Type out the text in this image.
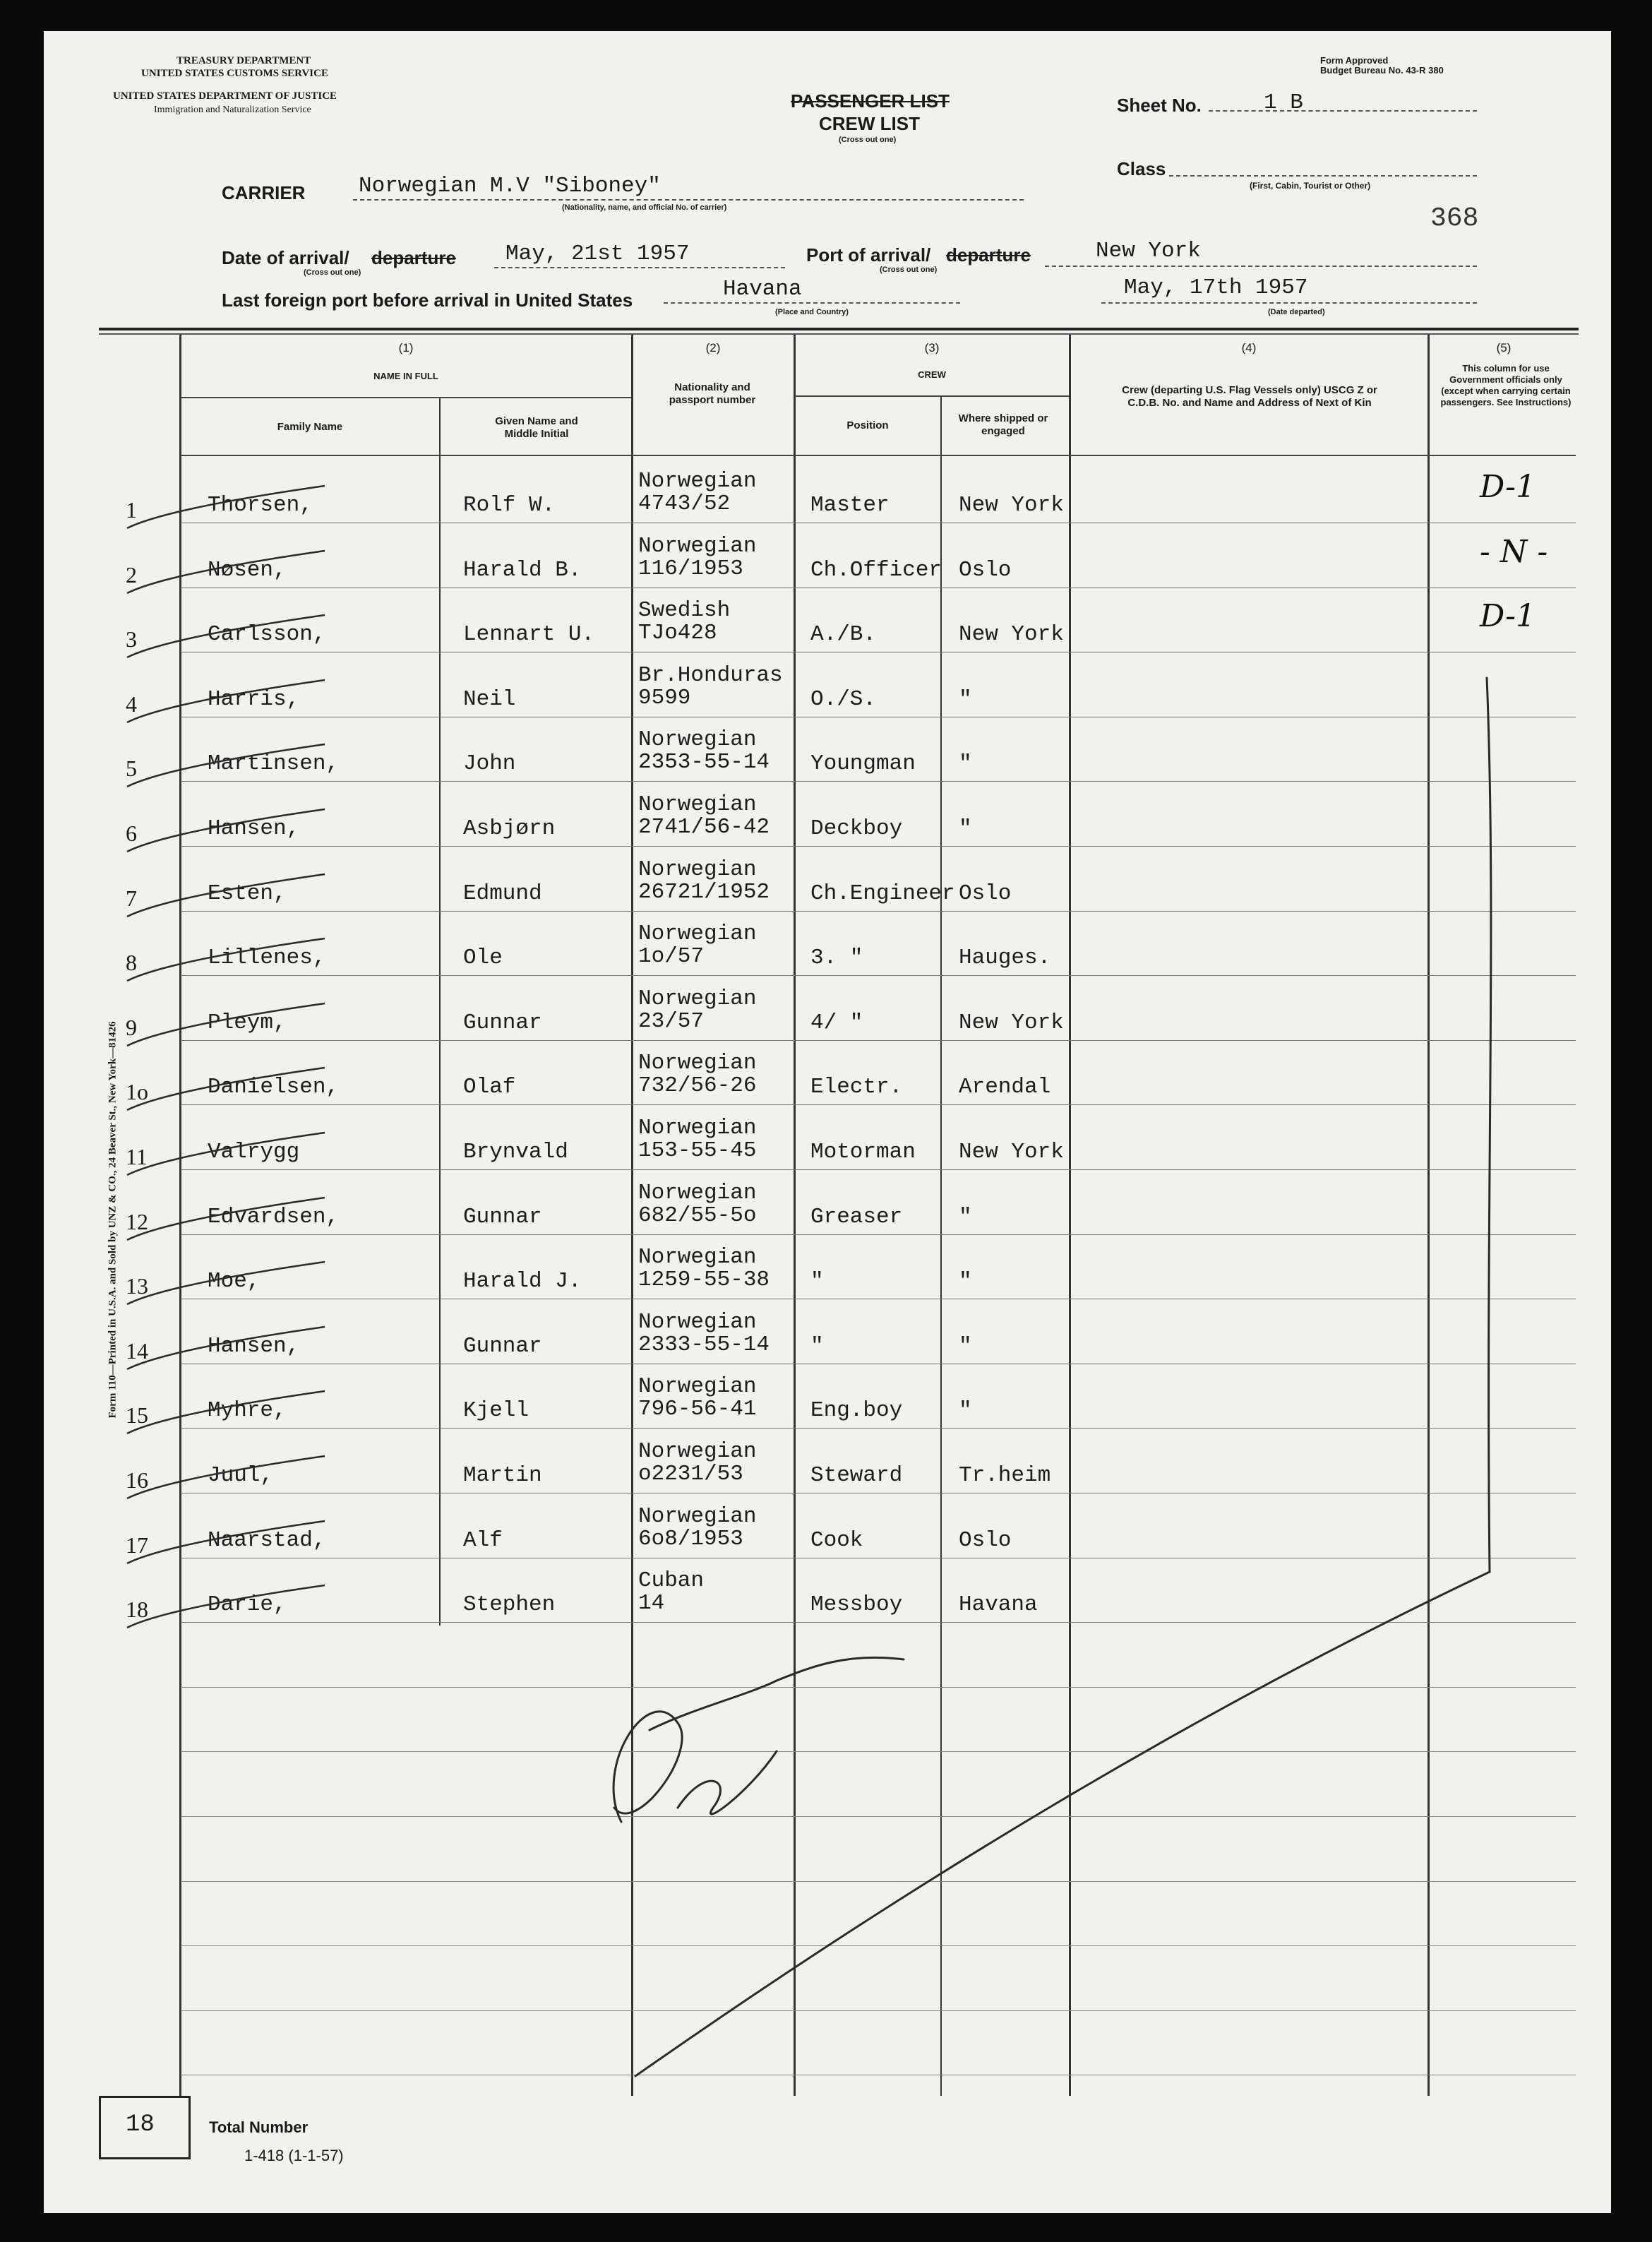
TREASURY DEPARTMENT
UNITED STATES CUSTOMS SERVICE
UNITED STATES DEPARTMENT OF JUSTICE
Immigration and Naturalization Service	PASSENGER LIST
CREW LIST
(Cross out one)
Form Approved
Budget Bureau No. 43-R 380
Sheet No.	1 B
Class
(First, Cabin, Tourist or Other)
368
CARRIER Norwegian M.V "Siboney"
(Nationality, name, and official No. of carrier)
Date of arrival/ departure
(Cross out one)
May, 21st 1957	Port of arrival/ departure
(Cross out one)
New York
Last foreign port before arrival in United States	Havana
(Place and Country)
May, 17th 1957
(Date departed)
(1)
NAME IN FULL
Family Name	Given Name and Middle Initial
(2)
Nationality and passport number
(3)
CREW
Position
Where shipped or engaged
(4)
Crew (departing U.S. Flag Vessels only) USCG Z or C.D.B. No. and Name and Address of Next of Kin
(5)
This column for use Government officials only (except when carrying certain passengers. See Instructions)
1	Thorsen,	Rolf W.
Norwegian
4743/52	Master	New York
D-1
2	Nøsen,	Harald B.
Norwegian
116/1953	Ch.Officer Oslo
- N -
3	Carlsson,	Lennart U.
Swedish
TJo428	A./B.	New York
D-1
4	Harris,	Neil
Br.Honduras
9599	O./S.	"
5	Martinsen,	John
Norwegian
2353-55-14 Youngman "
6	Hansen,	Asbjørn
Norwegian
2741/56-42 Deckboy	"
7	Esten,	Edmund
Norwegian
26721/1952 Ch.Engineer Oslo
8	Lillenes,	Ole
Norwegian
1o/57	3. "	Hauges.
9	Pleym,	Gunnar
Norwegian
23/57	4/ "	New York
1o	Danielsen,	Olaf
Norwegian
732/56-26 Electr.	Arendal
11	Valrygg	Brynvald
Norwegian
153-55-45 Motorman New York
12	Edvardsen,	Gunnar
Norwegian
682/55-5o Greaser	"
13	Moe,	Harald J.
Norwegian
1259-55-38 "	"
14	Hansen,	Gunnar
Norwegian
2333-55-14 "	"
15	Myhre,	Kjell
Norwegian
796-56-41 Eng.boy	"
16	Juul,	Martin
Norwegian
o2231/53	Steward	Tr.heim
17	Naarstad,	Alf
Norwegian
6o8/1953	Cook	Oslo
18	Darie,	Stephen
Cuban
14	Messboy	Havana
18	Total Number
1-418 (1-1-57)
Form 110—Printed in U.S.A. and Sold by UNZ & CO., 24 Beaver St., New York—81426
